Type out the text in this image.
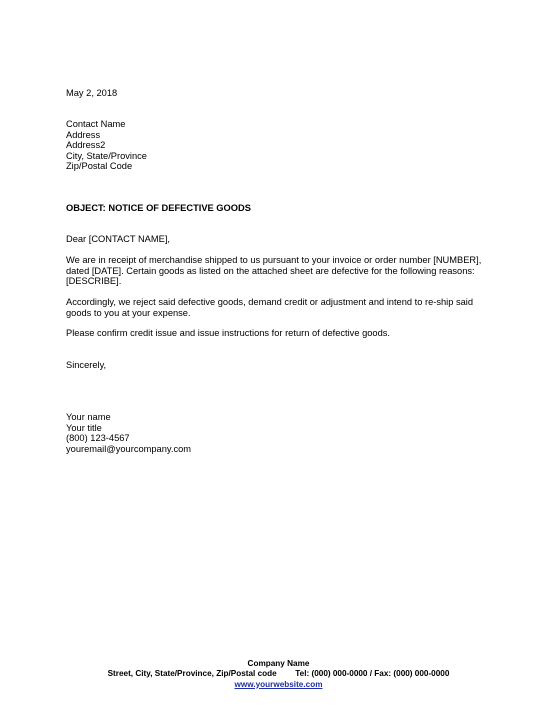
May 2, 2018

Contact Name

Address

Address2

City, State/Province

Zip/Postal Code

OBJECT: NOTICE OF DEFECTIVE GOODS

Dear [CONTACT NAME],

We are in receipt of merchandise shipped to us pursuant to your invoice or order number [NUMBER], dated [DATE]. Certain goods as listed on the attached sheet are defective for the following reasons: [DESCRIBE].

Accordingly, we reject said defective goods, demand credit or adjustment and intend to re-ship said goods to you at your expense.

Please confirm credit issue and issue instructions for return of defective goods.

Sincerely,

Your name

Your title

(800) 123-4567

youremail@yourcompany.com

Company Name
Street, City, State/Province, Zip/Postal code Tel: (000) 000-0000 / Fax: (000) 000-0000
www.yourwebsite.com
